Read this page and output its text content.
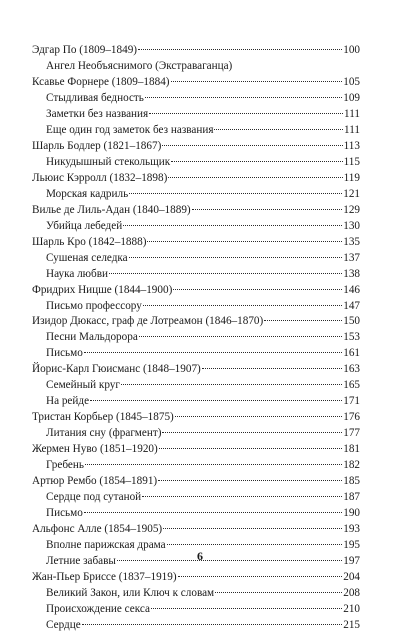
Эдгар По (1809–1849)	100
Ангел Необъяснимого (Экстраваганца)
Ксавье Форнере (1809–1884)	105
Стыдливая бедность	109
Заметки без названия	111
Еще один год заметок без названия	111
Шарль Бодлер (1821–1867)	113
Никудышный стекольщик	115
Льюис Кэрролл (1832–1898)	119
Морская кадриль	121
Вилье де Лиль-Адан (1840–1889)	129
Убийца лебедей	130
Шарль Кро (1842–1888)	135
Сушеная селедка	137
Наука любви	138
Фридрих Ницше (1844–1900)	146
Письмо профессору	147
Изидор Дюкасс, граф де Лотреамон (1846–1870)	150
Песни Мальдорора	153
Письмо	161
Йорис-Карл Гюисманс (1848–1907)	163
Семейный круг	165
На рейде	171
Тристан Корбьер (1845–1875)	176
Литания сну (фрагмент)	177
Жермен Нуво (1851–1920)	181
Гребень	182
Артюр Рембо (1854–1891)	185
Сердце под сутаной	187
Письмо	190
Альфонс Алле (1854–1905)	193
Вполне парижская драма	195
Летние забавы	197
Жан-Пьер Бриссе (1837–1919)	204
Великий Закон, или Ключ к словам	208
Происхождение секса	210
Сердце	215
6
